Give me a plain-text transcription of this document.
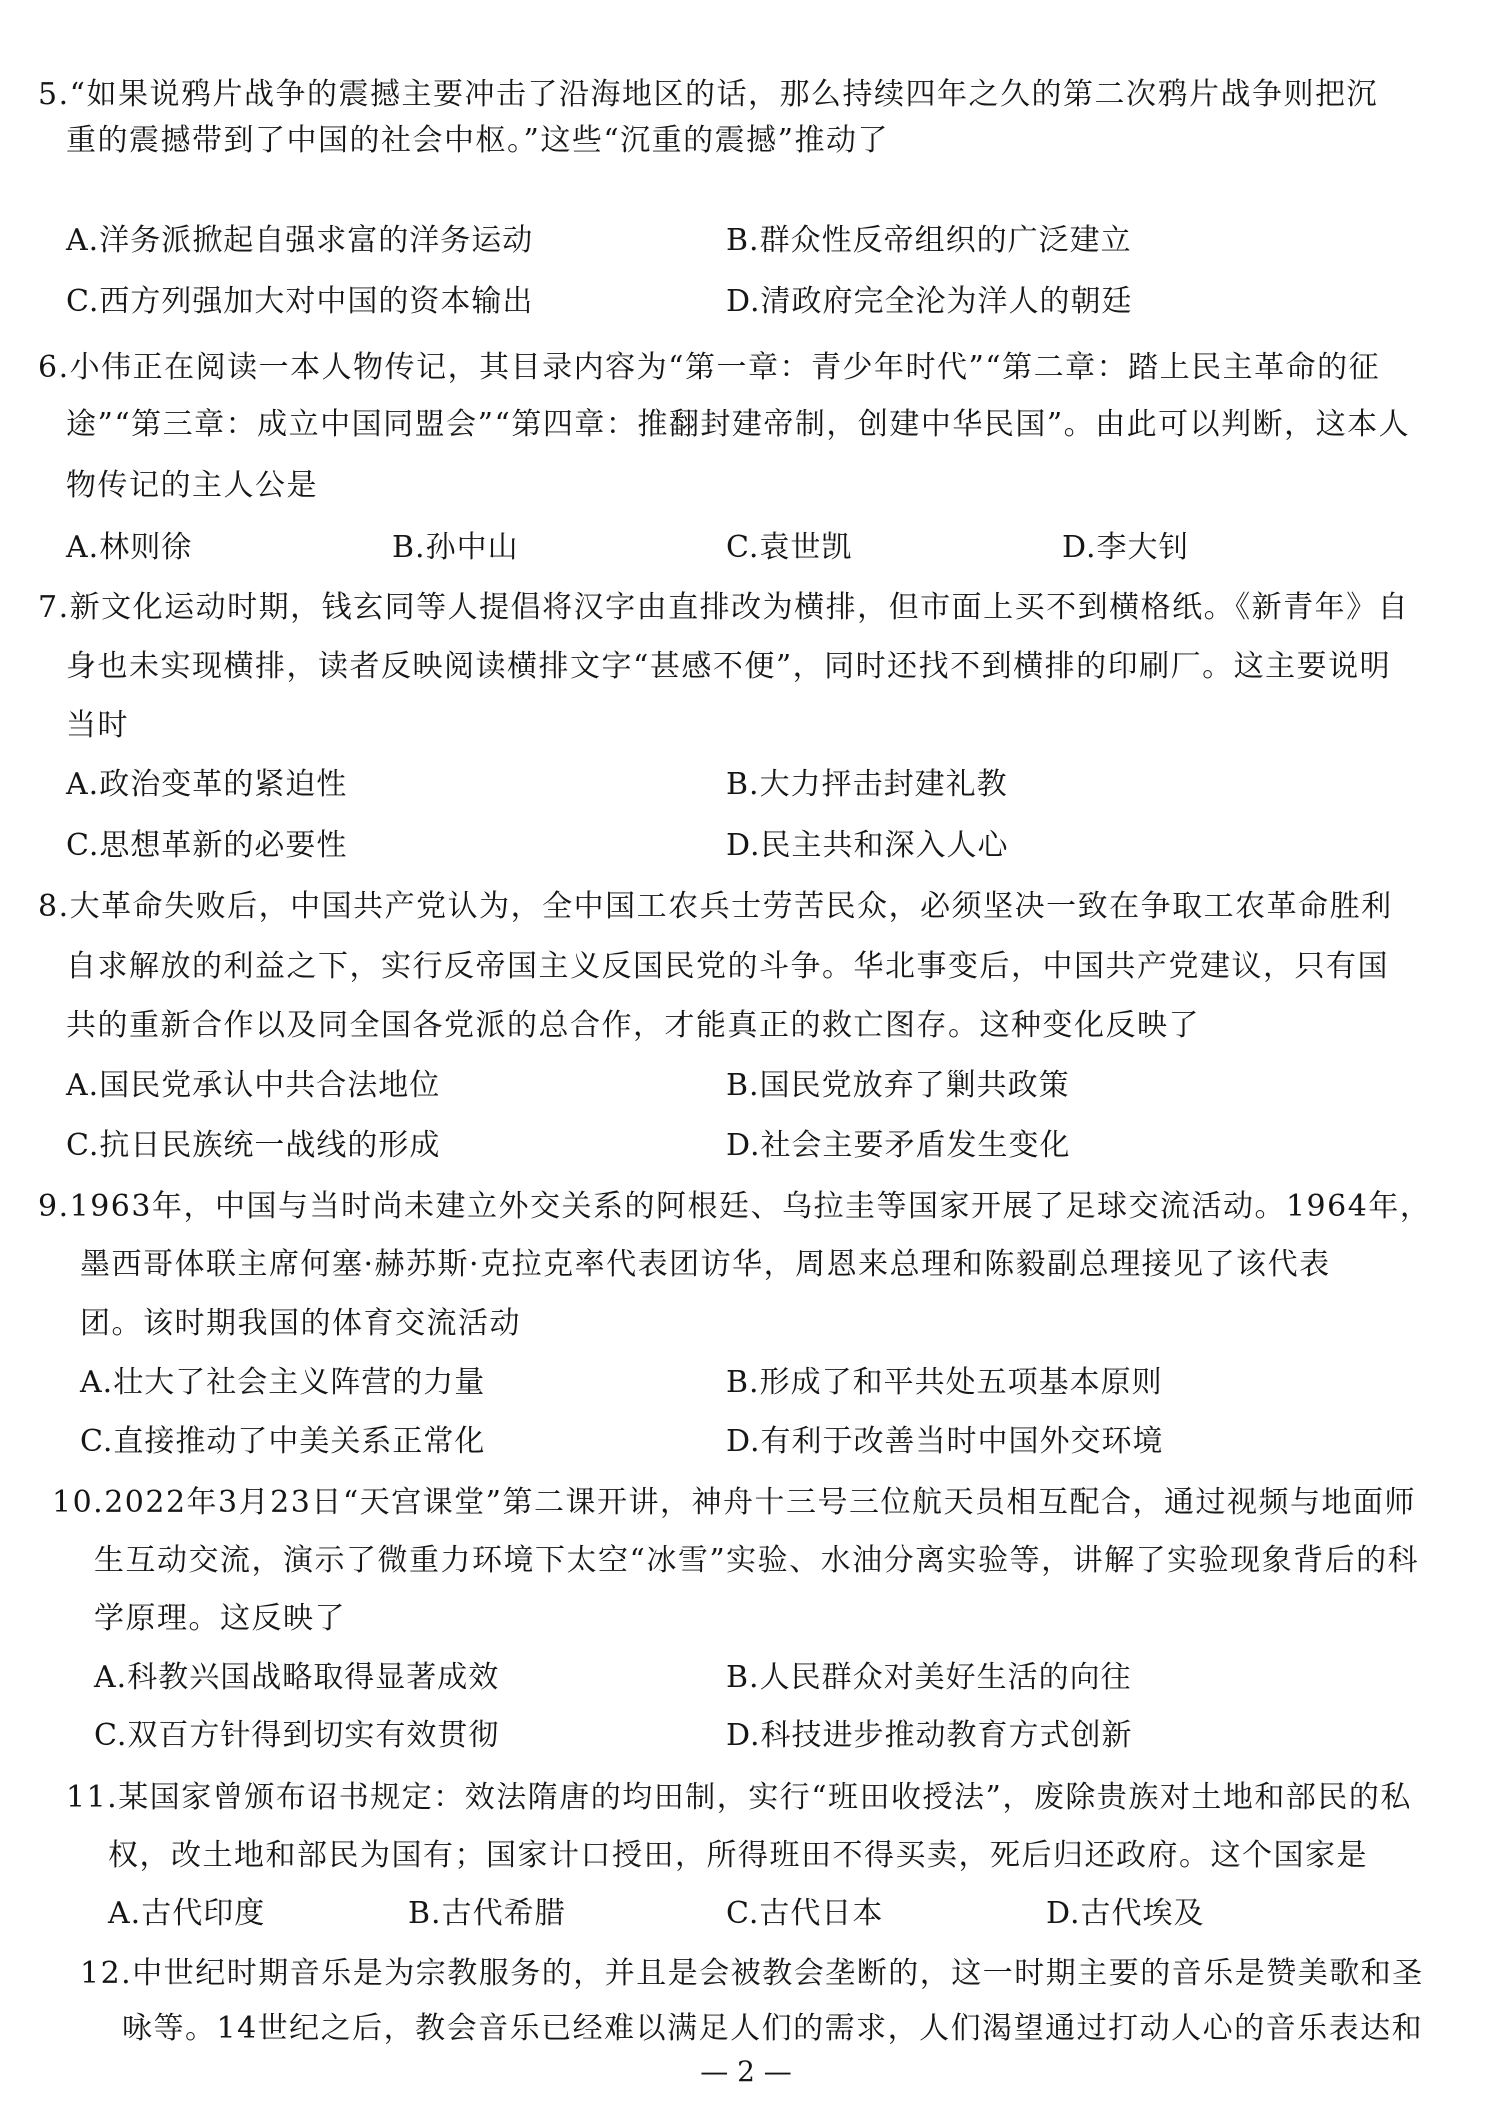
5.“如果说鸦片战争的震撼主要冲击了沿海地区的话，那么持续四年之久的第二次鸦片战争则把沉
重的震撼带到了中国的社会中枢。”这些“沉重的震撼”推动了
A.洋务派掀起自强求富的洋务运动	B.群众性反帝组织的广泛建立
C.西方列强加大对中国的资本输出	D.清政府完全沦为洋人的朝廷
6.小伟正在阅读一本人物传记，其目录内容为“第一章：青少年时代”“第二章：踏上民主革命的征
途”“第三章：成立中国同盟会”“第四章：推翻封建帝制，创建中华民国”。由此可以判断，这本人
物传记的主人公是
A.林则徐	B.孙中山	C.袁世凯	D.李大钊
7.新文化运动时期，钱玄同等人提倡将汉字由直排改为横排，但市面上买不到横格纸。《新青年》自
身也未实现横排，读者反映阅读横排文字“甚感不便”，同时还找不到横排的印刷厂。这主要说明
当时
A.政治变革的紧迫性	B.大力抨击封建礼教
C.思想革新的必要性	D.民主共和深入人心
8.大革命失败后，中国共产党认为，全中国工农兵士劳苦民众，必须坚决一致在争取工农革命胜利
自求解放的利益之下，实行反帝国主义反国民党的斗争。华北事变后，中国共产党建议，只有国
共的重新合作以及同全国各党派的总合作，才能真正的救亡图存。这种变化反映了
A.国民党承认中共合法地位	B.国民党放弃了剿共政策
C.抗日民族统一战线的形成	D.社会主要矛盾发生变化
9.1963年，中国与当时尚未建立外交关系的阿根廷、乌拉圭等国家开展了足球交流活动。1964年，
墨西哥体联主席何塞·赫苏斯·克拉克率代表团访华，周恩来总理和陈毅副总理接见了该代表
团。该时期我国的体育交流活动
A.壮大了社会主义阵营的力量	B.形成了和平共处五项基本原则
C.直接推动了中美关系正常化	D.有利于改善当时中国外交环境
10.2022年3月23日“天宫课堂”第二课开讲，神舟十三号三位航天员相互配合，通过视频与地面师
生互动交流，演示了微重力环境下太空“冰雪”实验、水油分离实验等，讲解了实验现象背后的科
学原理。这反映了
A.科教兴国战略取得显著成效	B.人民群众对美好生活的向往
C.双百方针得到切实有效贯彻	D.科技进步推动教育方式创新
11.某国家曾颁布诏书规定：效法隋唐的均田制，实行“班田收授法”，废除贵族对土地和部民的私
权，改土地和部民为国有；国家计口授田，所得班田不得买卖，死后归还政府。这个国家是
A.古代印度	B.古代希腊	C.古代日本	D.古代埃及
12.中世纪时期音乐是为宗教服务的，并且是会被教会垄断的，这一时期主要的音乐是赞美歌和圣
咏等。14世纪之后，教会音乐已经难以满足人们的需求，人们渴望通过打动人心的音乐表达和
— 2 —
